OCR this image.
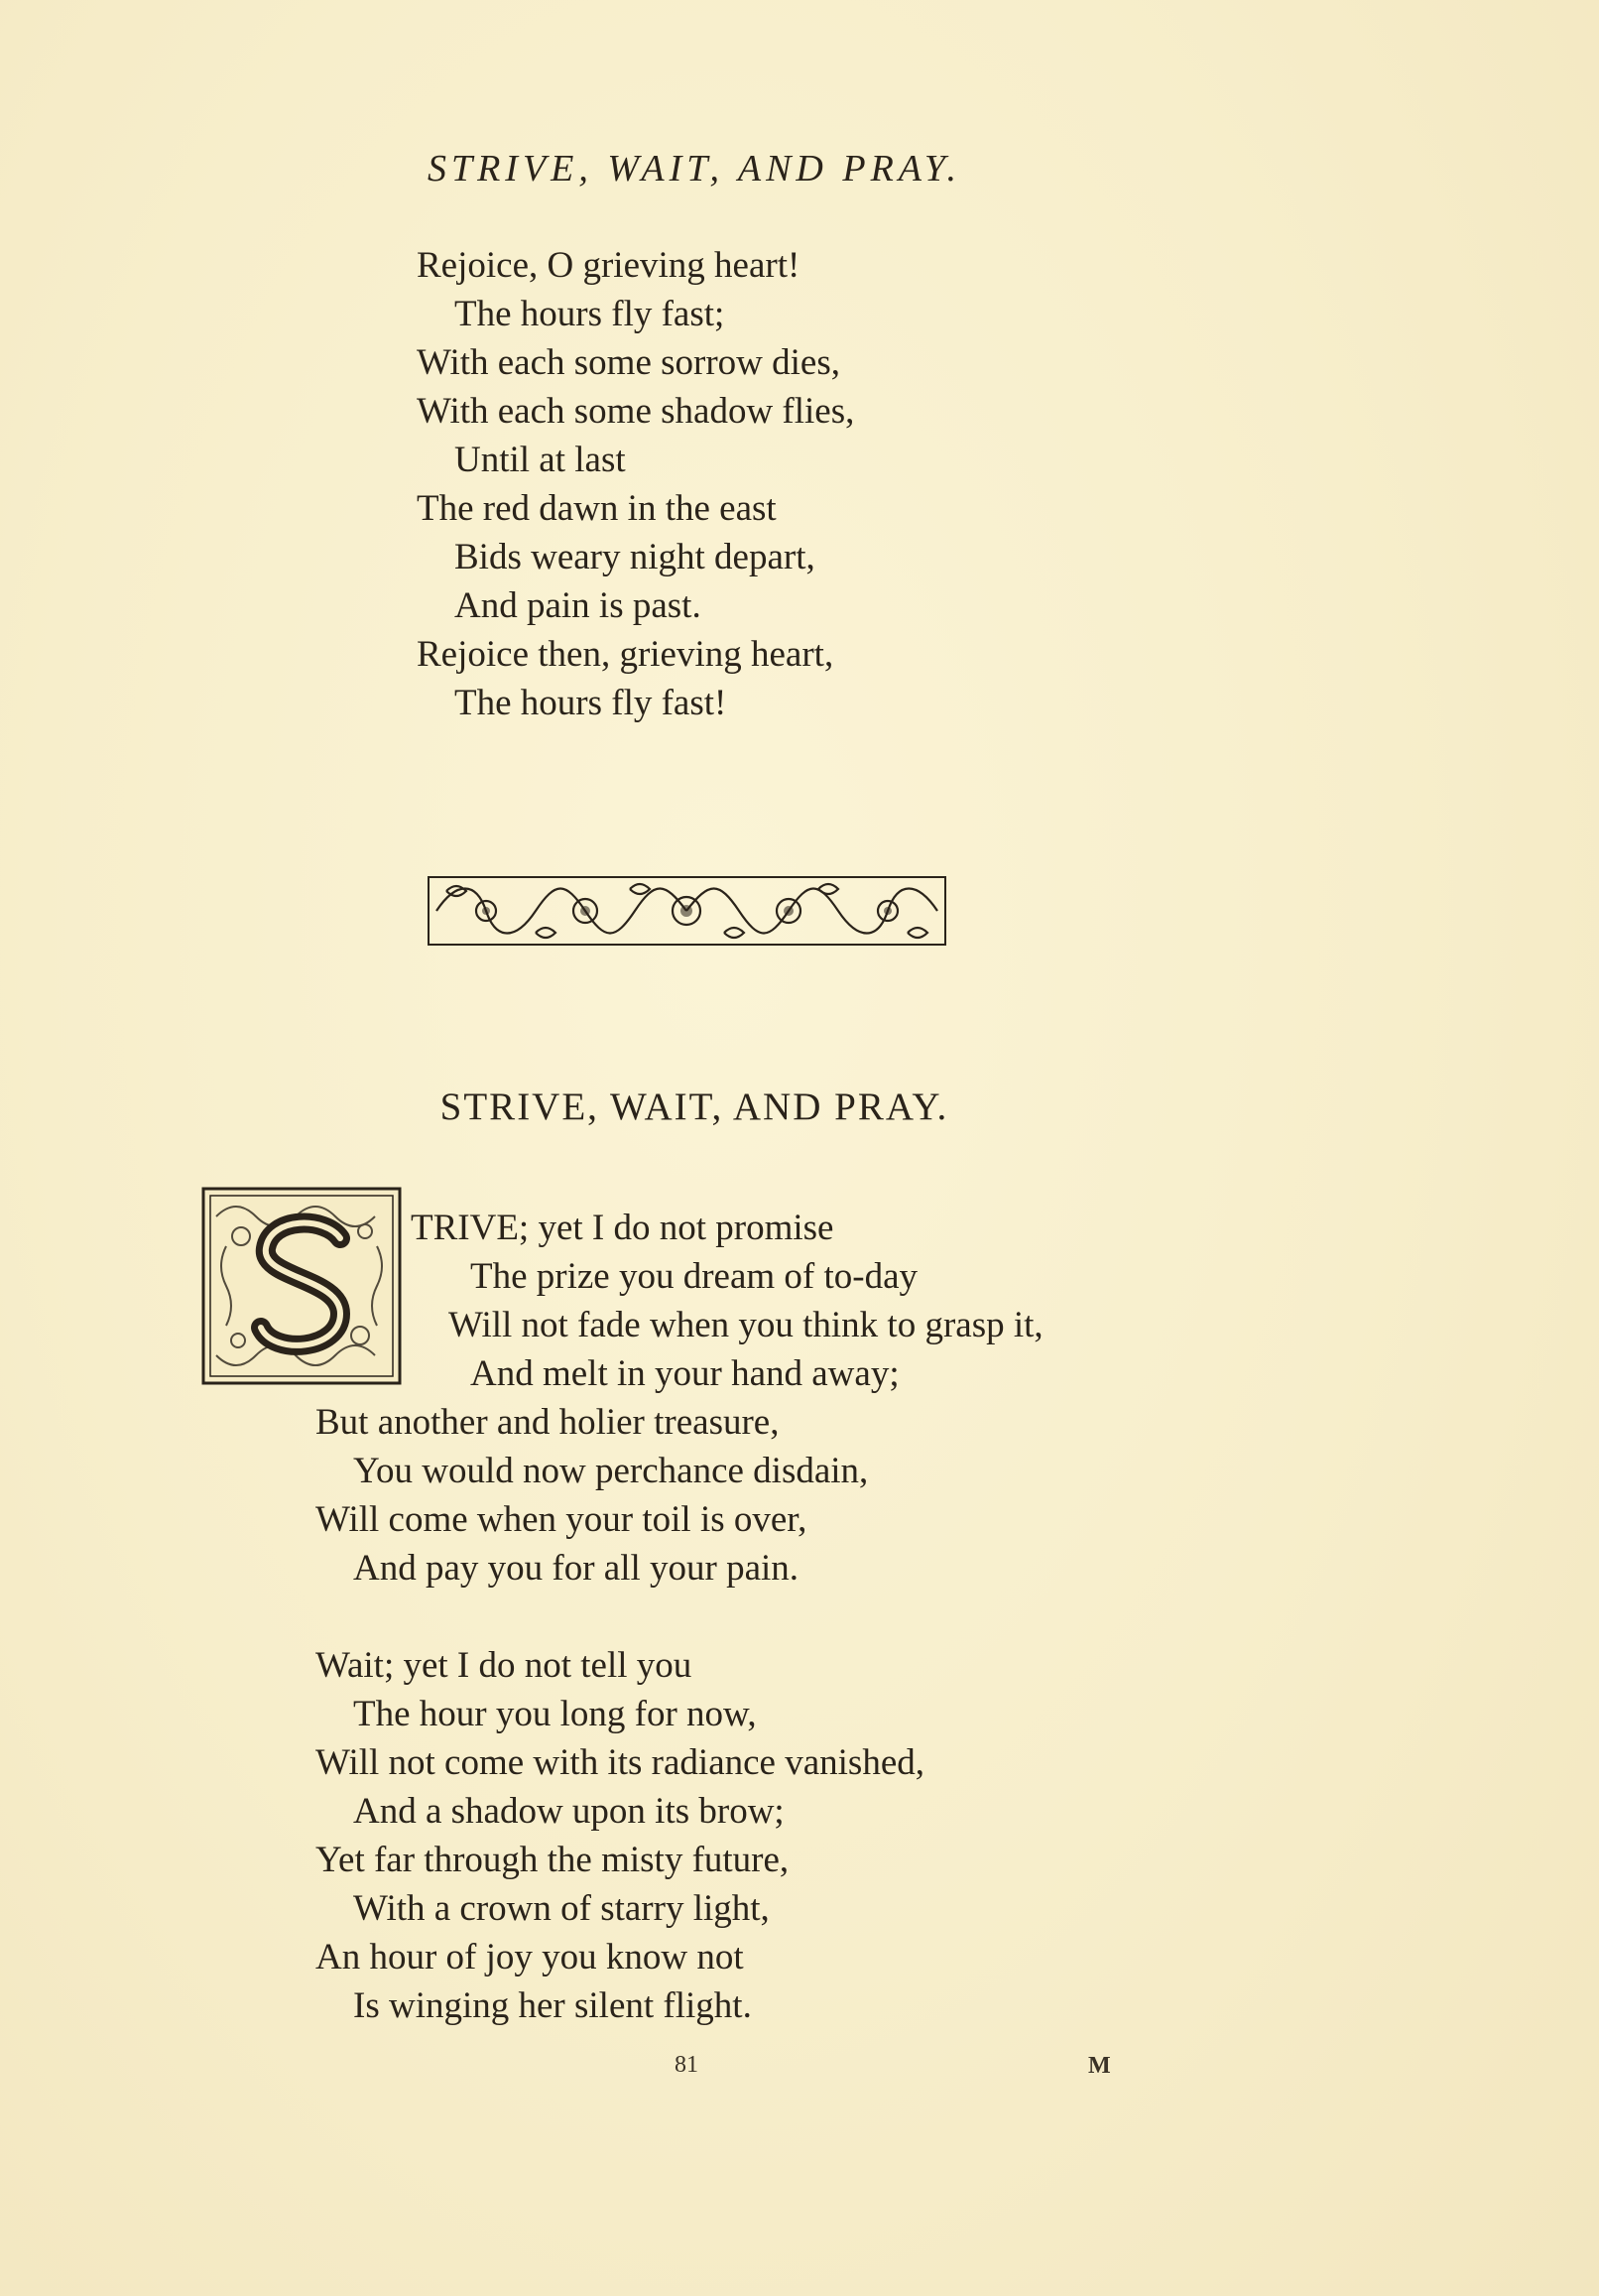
STRIVE, WAIT, AND PRAY.
Rejoice, O grieving heart!
The hours fly fast;
With each some sorrow dies,
With each some shadow flies,
Until at last
The red dawn in the east
Bids weary night depart,
And pain is past.
Rejoice then, grieving heart,
The hours fly fast!
STRIVE, WAIT, AND PRAY.
TRIVE; yet I do not promise
The prize you dream of to-day
Will not fade when you think to grasp it,
And melt in your hand away;
But another and holier treasure,
You would now perchance disdain,
Will come when your toil is over,
And pay you for all your pain.
Wait; yet I do not tell you
The hour you long for now,
Will not come with its radiance vanished,
And a shadow upon its brow;
Yet far through the misty future,
With a crown of starry light,
An hour of joy you know not
Is winging her silent flight.
81	M
